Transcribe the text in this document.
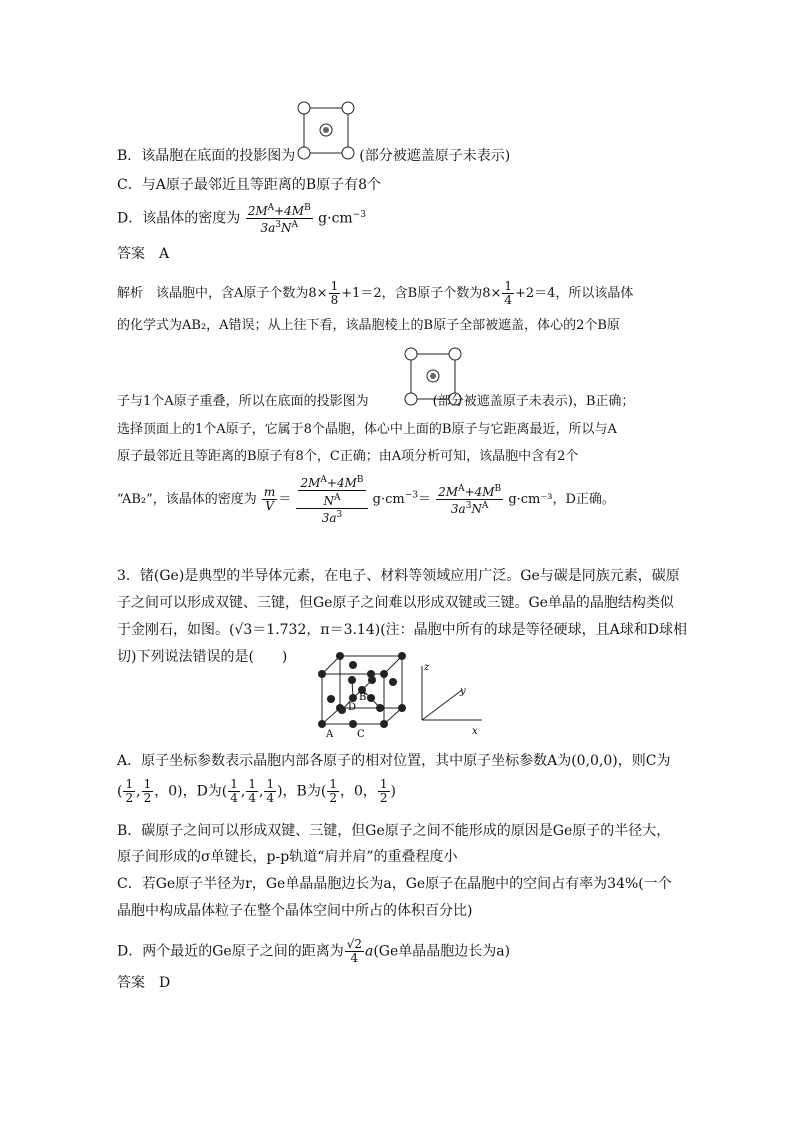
B．该晶胞在底面的投影图为	(部分被遮盖原子未表示)
C．与A原子最邻近且等距离的B原子有8个
D．该晶体的密度为 $\frac{2M^A+4M^B}{3a^3N^A} g\cdot cm^{-3}$
答案　A
解析　该晶胞中，含A原子个数为$8\times \frac{1}{8} +1=2$，含B原子个数为$8\times \frac{1}{4} +2=4$，所以该晶体
的化学式为AB₂，A错误；从上往下看，该晶胞棱上的B原子全部被遮盖，体心的2个B原
子与1个A原子重叠，所以在底面的投影图为	(部分被遮盖原子未表示)，B正确；
选择顶面上的1个A原子，它属于8个晶胞，体心中上面的B原子与它距离最近，所以与A
原子最邻近且等距离的B原子有8个，C正确；由A项分析可知，该晶胞中含有2个
“AB₂”，该晶体的密度为 $\frac{m}{V} = \frac{\frac{2M^A+4M^B}{N^A}}{3a^3} g\cdot cm^{-3}= \frac{2M^A+4M^B}{3a^3N^A} g\cdot cm^{-3}$，D正确。
3．锗(Ge)是典型的半导体元素，在电子、材料等领域应用广泛。Ge与碳是同族元素，碳原
子之间可以形成双键、三键，但Ge原子之间难以形成双键或三键。Ge单晶的晶胞结构类似
于金刚石，如图。(√3＝1.732，π＝3.14)(注：晶胞中所有的球是等径硬球，且A球和D球相
切)下列说法错误的是(　　)
A C
B
D
z
y
x
A．原子坐标参数表示晶胞内部各原子的相对位置，其中原子坐标参数A为(0,0,0)，则C为
( $\frac{1}{2}$ , $\frac{1}{2}$ ，0)，D为( $\frac{1}{4}$ , $\frac{1}{4}$ , $\frac{1}{4}$ )，B为( $\frac{1}{2}$ ，0， $\frac{1}{2}$ )
B．碳原子之间可以形成双键、三键，但Ge原子之间不能形成的原因是Ge原子的半径大，
原子间形成的σ单键长，p-p轨道“肩并肩”的重叠程度小
C．若Ge原子半径为r，Ge单晶晶胞边长为a，Ge原子在晶胞中的空间占有率为34%(一个
晶胞中构成晶体粒子在整个晶体空间中所占的体积百分比)
D．两个最近的Ge原子之间的距离为 $\frac{√2}{4} a(Ge$单晶晶胞边长为a)
答案　D
